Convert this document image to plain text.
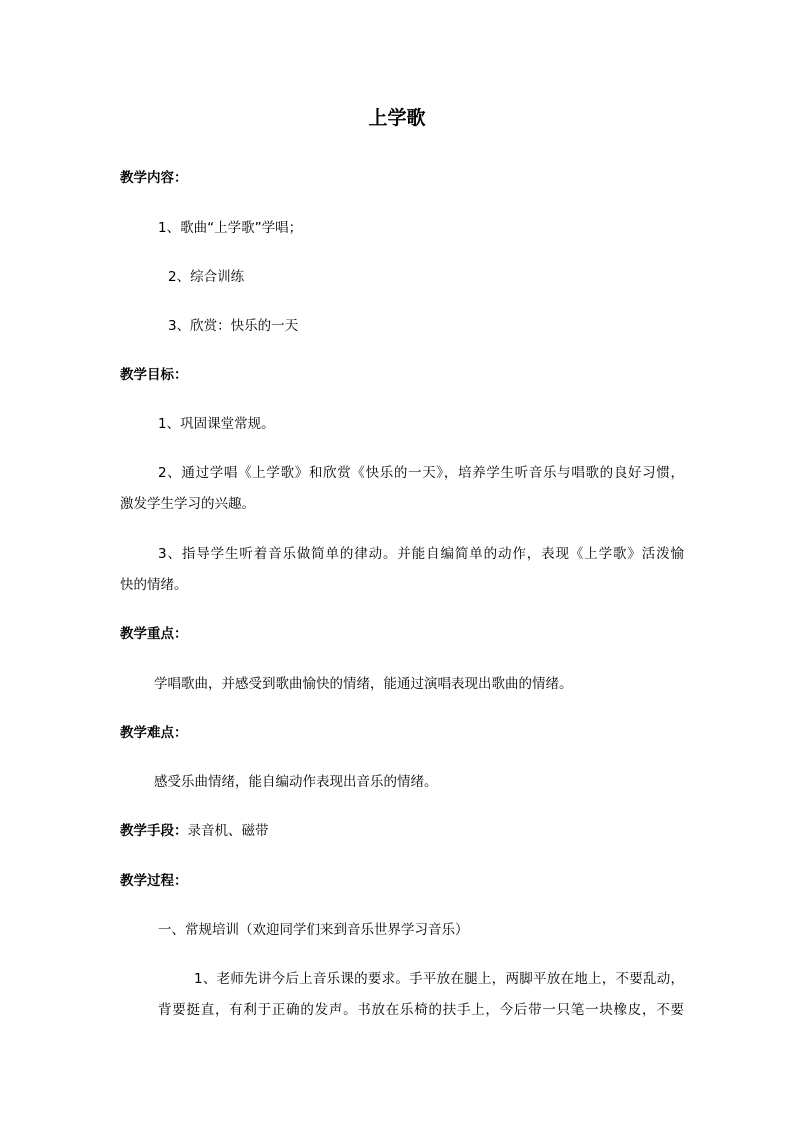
上学歌
教学内容：
1、歌曲“上学歌”学唱；
2、综合训练
3、欣赏：快乐的一天
教学目标：
1、巩固课堂常规。
2、通过学唱《上学歌》和欣赏《快乐的一天》，培养学生听音乐与唱歌的良好习惯，
激发学生学习的兴趣。
3、指导学生听着音乐做简单的律动。并能自编简单的动作，表现《上学歌》活泼愉
快的情绪。
教学重点：
学唱歌曲，并感受到歌曲愉快的情绪，能通过演唱表现出歌曲的情绪。
教学难点：
感受乐曲情绪，能自编动作表现出音乐的情绪。
教学手段：录音机、磁带
教学过程：
一、常规培训（欢迎同学们来到音乐世界学习音乐）
1、老师先讲今后上音乐课的要求。手平放在腿上，两脚平放在地上，不要乱动，
背要挺直，有利于正确的发声。书放在乐椅的扶手上，今后带一只笔一块橡皮，不要
